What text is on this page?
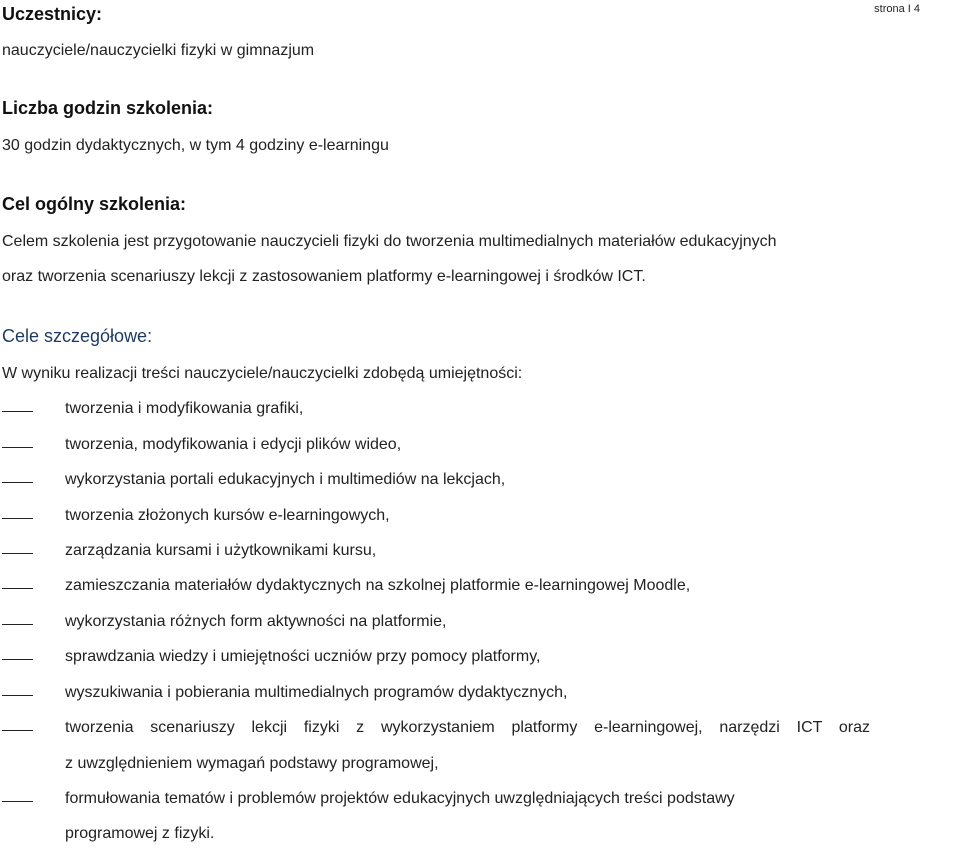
strona I 4
Uczestnicy:
nauczyciele/nauczycielki fizyki w gimnazjum
Liczba godzin szkolenia:
30 godzin dydaktycznych, w tym 4 godziny e-learningu
Cel ogólny szkolenia:
Celem szkolenia jest przygotowanie nauczycieli fizyki do tworzenia multimedialnych materiałów edukacyjnych
oraz tworzenia scenariuszy lekcji z zastosowaniem platformy e-learningowej i środków ICT.
Cele szczegółowe:
W wyniku realizacji treści nauczyciele/nauczycielki zdobędą umiejętności:
tworzenia i modyfikowania grafiki,
tworzenia, modyfikowania i edycji plików wideo,
wykorzystania portali edukacyjnych i multimediów na lekcjach,
tworzenia złożonych kursów e-learningowych,
zarządzania kursami i użytkownikami kursu,
zamieszczania materiałów dydaktycznych na szkolnej platformie e-learningowej Moodle,
wykorzystania różnych form aktywności na platformie,
sprawdzania wiedzy i umiejętności uczniów przy pomocy platformy,
wyszukiwania i pobierania multimedialnych programów dydaktycznych,
tworzenia scenariuszy lekcji fizyki z wykorzystaniem platformy e-learningowej, narzędzi ICT oraz
z uwzględnieniem wymagań podstawy programowej,
formułowania tematów i problemów projektów edukacyjnych uwzględniających treści podstawy
programowej z fizyki.
